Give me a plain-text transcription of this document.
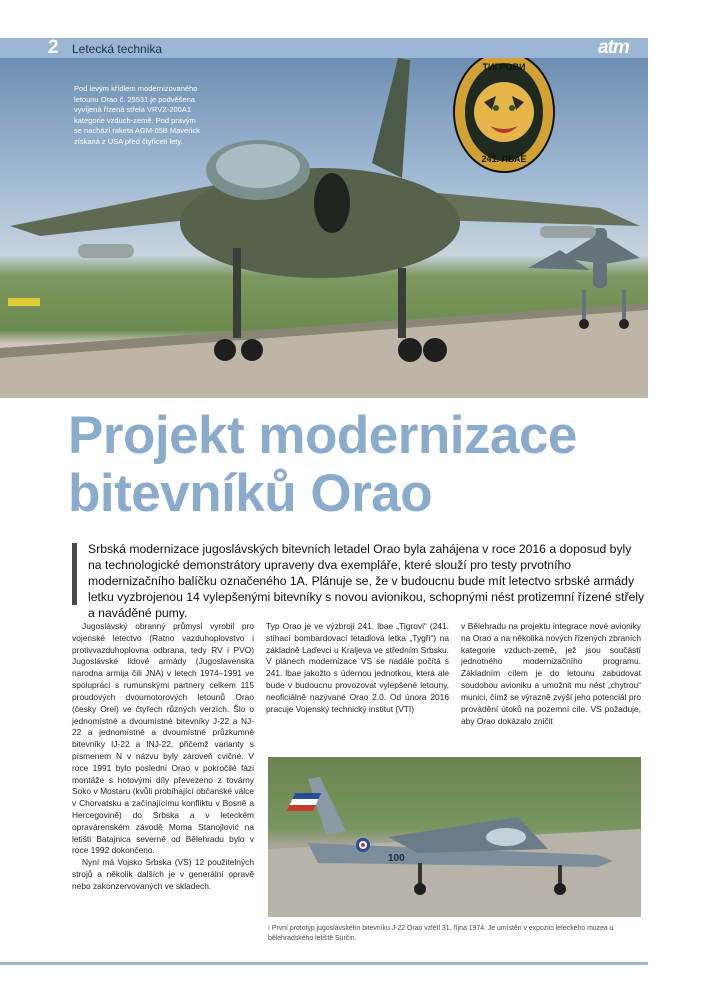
2 Letecká technika	atm
Pod levým křídlem modernizovaného letounu Orao č. 25531 je podvěšena vyvíjená řízená střela VRVZ-200A1 kategorie vzduch-země. Pod pravým se nachází raketa AGM-65B Maverick získaná z USA před čtyřiceti lety.
ТИГРОВИ
241. ЛБАЕ
Projekt modernizace
bitevníků Orao

Srbská modernizace jugoslávských bitevních letadel Orao byla zahájena v roce 2016 a doposud byly na technologické demonstrátory upraveny dva exempláře, které slouží pro testy prvotního modernizačního balíčku označeného 1A. Plánuje se, že v budoucnu bude mít letectvo srbské armády letku vyzbrojenou 14 vylepšenými bitevníky s novou avionikou, schopnými nést protizemní řízené střely a naváděné pumy.

Jugoslávský obranný průmysl vyrobil pro vojenské letectvo (Ratno vazduhoplovstvo i protivvazduhoplovna odbrana, tedy RV i PVO) Jugoslávské lidové armády (Jugoslavenska narodna armija čili JNA) v letech 1974–1991 ve spolupráci s rumunskými partnery celkem 115 proudových dvoumotorových letounů Orao (česky Orel) ve čtyřech různých verzích. Šlo o jednomístné a dvoumístné bitevníky J-22 a NJ-22 a jednomístné a dvoumístné průzkumné bitevníky IJ-22 a INJ-22, přičemž varianty s písmenem N v názvu byly zároveň cvičné. V roce 1991 bylo poslední Orao v pokročilé fázi montáže s hotovými díly převezeno z továrny Soko v Mostaru (kvůli probíhající občanské válce v Chorvatsku a začínajícímu konfliktu v Bosně a Hercegovině) do Srbska a v leteckém opravárenském závodě Moma Stanojlović na letišti Batajnica severně od Bělehradu bylo v roce 1992 dokončeno.

Nyní má Vojsko Srbska (VS) 12 použitelných strojů a několik dalších je v generální opravě nebo zakonzervovaných ve skladech.

Typ Orao je ve výzbroji 241. lbae „Tigrovi“ (241. stíhací bombardovací letadlová letka „Tygři“) na základně Laďevci u Kraljeva ve středním Srbsku. V plánech modernizace VS se nadále počítá s 241. lbae jakožto s údernou jednotkou, která ale bude v budoucnu provozovat vylepšené letouny, neoficiálně nazývané Orao 2.0. Od února 2016 pracuje Vojenský technický institut (VTI)

v Bělehradu na projektu integrace nové avioniky na Orao a na několika nových řízených zbraních kategorie vzduch-země, jež jsou součástí jednotného modernizačního programu. Základním cílem je do letounu zabudovat soudobou avioniku a umožnit mu nést „chytrou“ munici, čímž se výrazně zvýší jeho potenciál pro provádění útoků na pozemní cíle. VS požaduje, aby Orao dokázalo zničit

100

I První prototyp jugoslávského bitevníku J-22 Orao vzlétl 31. října 1974. Je umístěn v expozici leteckého muzea u bělehradského letiště Surčin.
